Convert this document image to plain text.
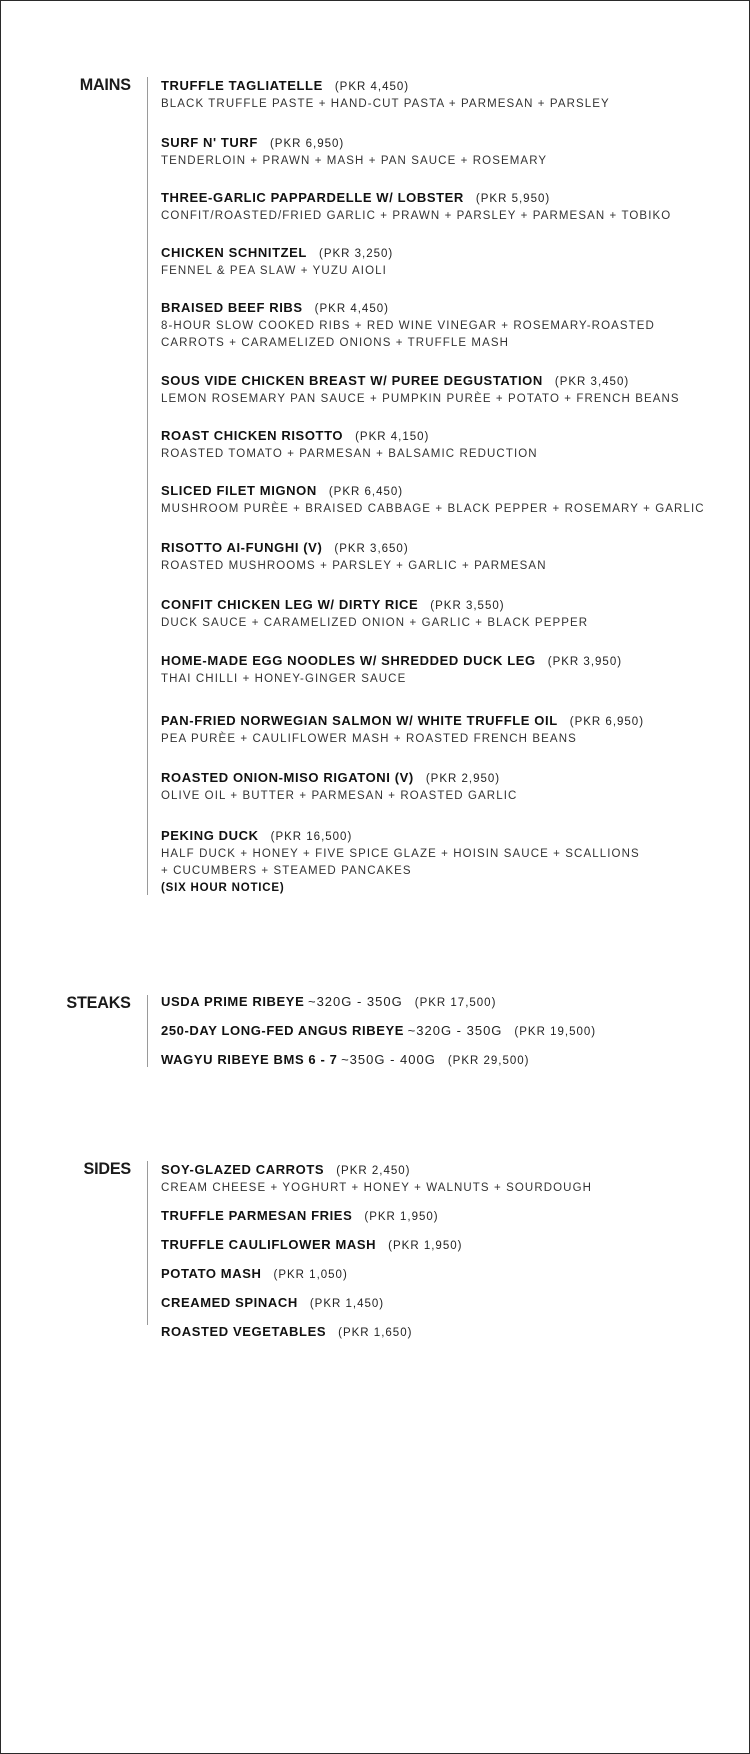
MAINS TRUFFLE TAGLIATELLE (PKR 4,450)
BLACK TRUFFLE PASTE + HAND-CUT PASTA + PARMESAN + PARSLEY
SURF N' TURF (PKR 6,950)
TENDERLOIN + PRAWN + MASH + PAN SAUCE + ROSEMARY
THREE-GARLIC PAPPARDELLE W/ LOBSTER (PKR 5,950)
CONFIT/ROASTED/FRIED GARLIC + PRAWN + PARSLEY + PARMESAN + TOBIKO
CHICKEN SCHNITZEL (PKR 3,250)
FENNEL & PEA SLAW + YUZU AIOLI
BRAISED BEEF RIBS (PKR 4,450)
8-HOUR SLOW COOKED RIBS + RED WINE VINEGAR + ROSEMARY-ROASTED
CARROTS + CARAMELIZED ONIONS + TRUFFLE MASH
SOUS VIDE CHICKEN BREAST W/ PUREE DEGUSTATION (PKR 3,450)
LEMON ROSEMARY PAN SAUCE + PUMPKIN PURÈE + POTATO + FRENCH BEANS
ROAST CHICKEN RISOTTO (PKR 4,150)
ROASTED TOMATO + PARMESAN + BALSAMIC REDUCTION
SLICED FILET MIGNON (PKR 6,450)
MUSHROOM PURÈE + BRAISED CABBAGE + BLACK PEPPER + ROSEMARY + GARLIC
RISOTTO AI-FUNGHI (V) (PKR 3,650)
ROASTED MUSHROOMS + PARSLEY + GARLIC + PARMESAN
CONFIT CHICKEN LEG W/ DIRTY RICE (PKR 3,550)
DUCK SAUCE + CARAMELIZED ONION + GARLIC + BLACK PEPPER
HOME-MADE EGG NOODLES W/ SHREDDED DUCK LEG (PKR 3,950)
THAI CHILLI + HONEY-GINGER SAUCE
PAN-FRIED NORWEGIAN SALMON W/ WHITE TRUFFLE OIL (PKR 6,950)
PEA PURÈE + CAULIFLOWER MASH + ROASTED FRENCH BEANS
ROASTED ONION-MISO RIGATONI (V) (PKR 2,950)
OLIVE OIL + BUTTER + PARMESAN + ROASTED GARLIC
PEKING DUCK (PKR 16,500)
HALF DUCK + HONEY + FIVE SPICE GLAZE + HOISIN SAUCE + SCALLIONS
+ CUCUMBERS + STEAMED PANCAKES
(SIX HOUR NOTICE)
STEAKS USDA PRIME RIBEYE ~320G - 350G (PKR 17,500)
250-DAY LONG-FED ANGUS RIBEYE ~320G - 350G (PKR 19,500)
WAGYU RIBEYE BMS 6 - 7 ~350G - 400G (PKR 29,500)
SIDES SOY-GLAZED CARROTS (PKR 2,450)
CREAM CHEESE + YOGHURT + HONEY + WALNUTS + SOURDOUGH
TRUFFLE PARMESAN FRIES (PKR 1,950)
TRUFFLE CAULIFLOWER MASH (PKR 1,950)
POTATO MASH (PKR 1,050)
CREAMED SPINACH (PKR 1,450)
ROASTED VEGETABLES (PKR 1,650)
